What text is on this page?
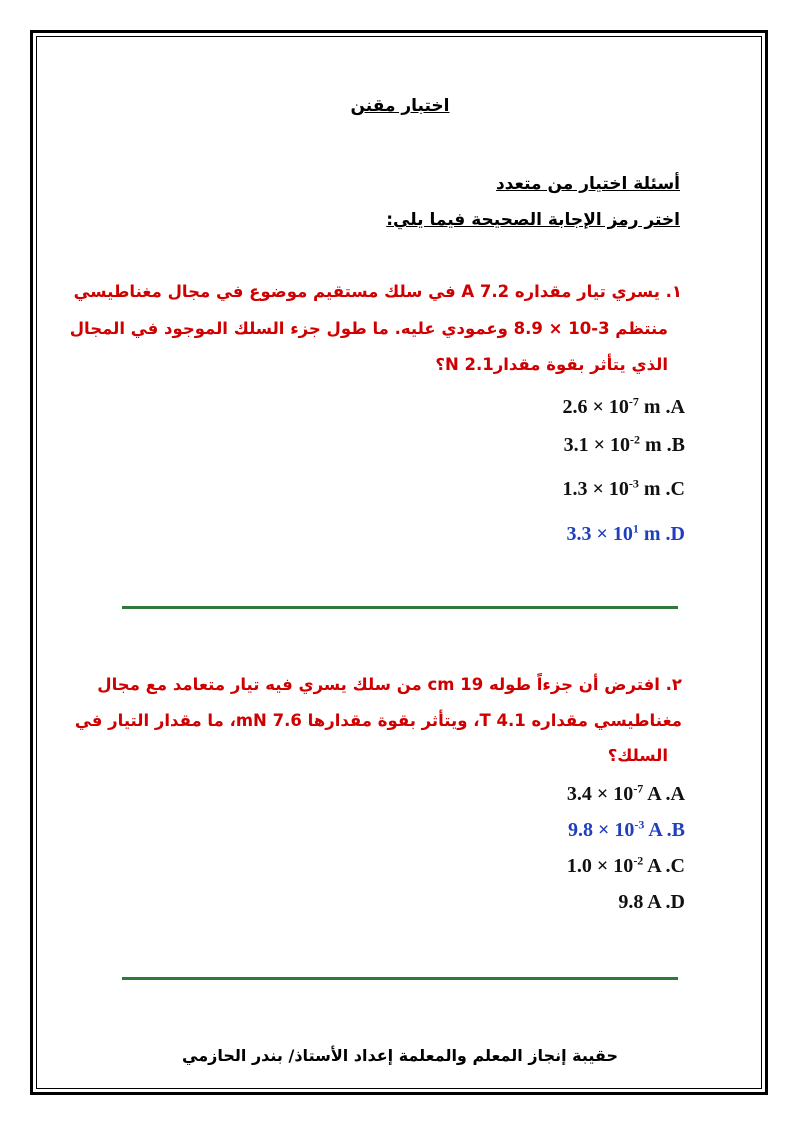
اختبار مقنن
أسئلة اختيار من متعدد
اختر رمز الإجابة الصحيحة فيما يلي:
١. يسري تيار مقداره A 7.2 في سلك مستقيم موضوع في مجال مغناطيسي
منتظم 3-10 × 8.9 وعمودي عليه. ما طول جزء السلك الموجود في المجال
الذي يتأثر بقوة مقدارN 2.1؟
$2.6 \times 10^{-7}$ m .A
$3.1 \times 10^{-2}$ m .B
$1.3 \times 10^{-3}$ m .C
$3.3 \times 10^1$ m .D
٢. افترض أن جزءاً طوله 19 cm من سلك يسري فيه تيار متعامد مع مجال
مغناطيسي مقداره 4.1 T، ويتأثر بقوة مقدارها 7.6 mN، ما مقدار التيار في
السلك؟
$3.4 \times 10^{-7}$ A .A
$9.8 \times 10^{-3}$ A .B
$1.0 \times 10^{-2}$ A .C
9.8 A .D
حقيبة إنجاز المعلم والمعلمة إعداد الأستاذ/ بندر الحازمي
